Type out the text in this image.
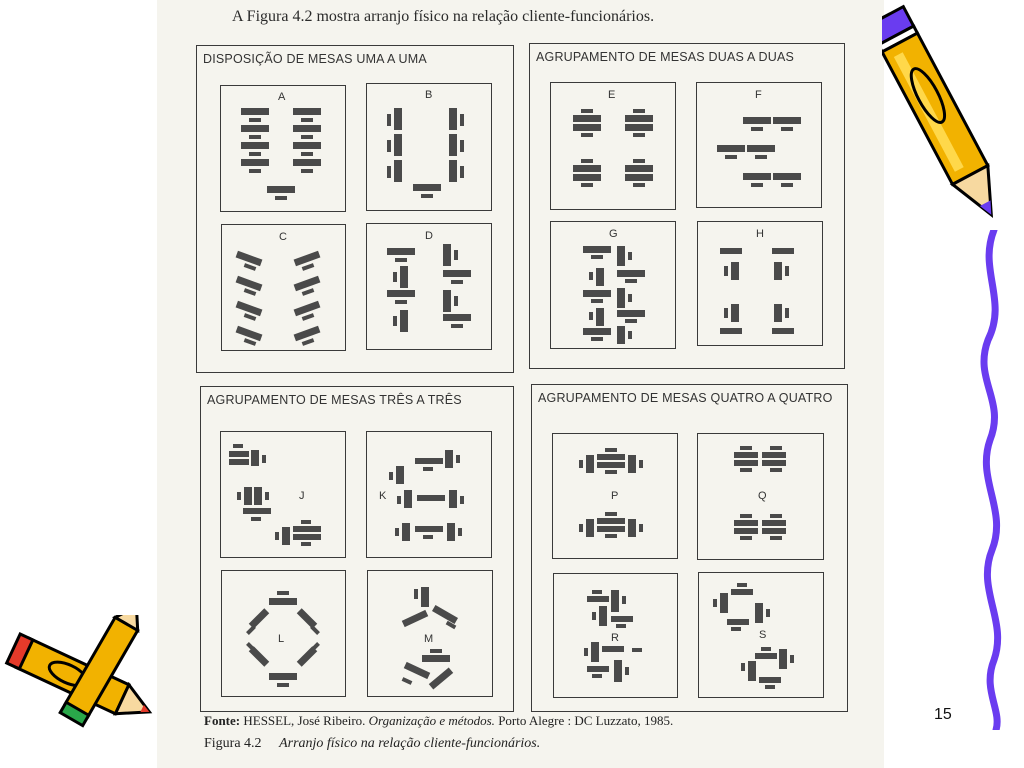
A Figura 4.2 mostra arranjo físico na relação cliente-funcionários.
DISPOSIÇÃO DE MESAS UMA A UMA	AGRUPAMENTO DE MESAS DUAS A DUAS
AGRUPAMENTO DE MESAS TRÊS A TRÊS	AGRUPAMENTO DE MESAS QUATRO A QUATRO
A	B
C	D
E	F
G	H
J	K
L	M
P	Q
R	S
Fonte: HESSEL, José Ribeiro. Organização e métodos. Porto Alegre : DC Luzzato, 1985.
Figura 4.2 Arranjo físico na relação cliente-funcionários.
15
